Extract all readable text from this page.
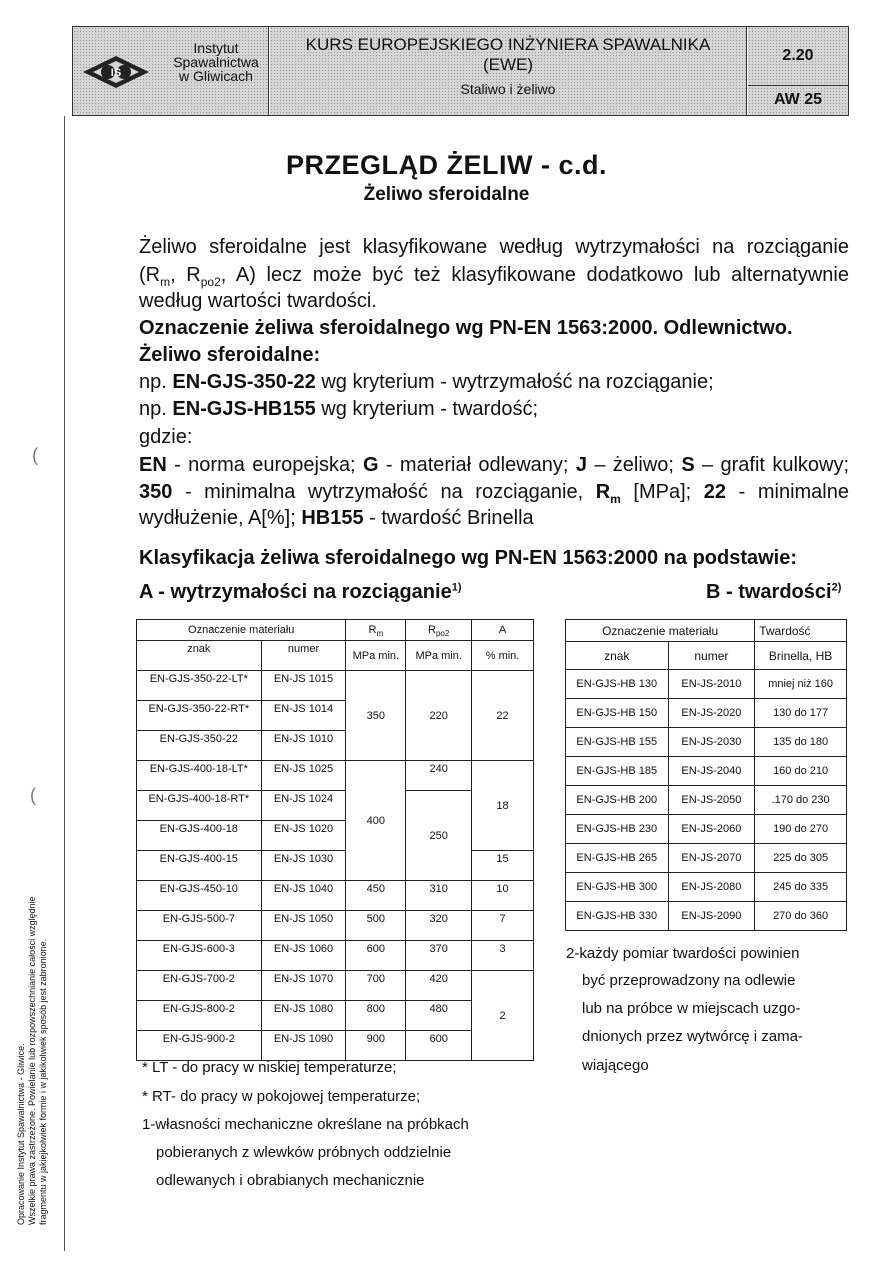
IS
Instytut
Spawalnictwa
w Gliwicach
KURS EUROPEJSKIEGO INŻYNIERA SPAWALNIKA
(EWE)
Staliwo i żeliwo
2.20
AW 25
(
(
Opracowanie Instytut Spawalnictwa - Gliwice. Wszelkie prawa zastrzeżone. Powielanie lub rozpowszechnianie całości względnie fragmentu w jakiejkolwiek formie i w jakikolwiek sposób jest zabronione.
PRZEGLĄD ŻELIW - c.d.
Żeliwo sferoidalne
Żeliwo sferoidalne jest klasyfikowane według wytrzymałości na rozciąganie
($R_m$, $R_{po2}$, A) lecz może być też klasyfikowane dodatkowo lub alternatywnie
według wartości twardości.
Oznaczenie żeliwa sferoidalnego wg PN-EN 1563:2000. Odlewnictwo.
Żeliwo sferoidalne:
np. EN-GJS-350-22 wg kryterium - wytrzymałość na rozciąganie;
np. EN-GJS-HB155 wg kryterium - twardość;
gdzie:
EN - norma europejska; G - materiał odlewany; J – żeliwo; S – grafit kulkowy;
350 - minimalna wytrzymałość na rozciąganie, $R_m$ [MPa]; 22 - minimalne
wydłużenie, A[%]; HB155 - twardość Brinella
Klasyfikacja żeliwa sferoidalnego wg PN-EN 1563:2000 na podstawie:
A - wytrzymałości na rozciąganie$^{1)}$	B - twardości$^{2)}$
Oznaczenie materiału		$R_m$	$R_{po2}$	A
znak	numer	MPa min.	MPa min.	% min.
EN-GJS-350-22-LT*	EN-JS 1015	350	220	22
EN-GJS-350-22-RT*	EN-JS 1014			
EN-GJS-350-22	EN-JS 1010			
EN-GJS-400-18-LT*	EN-JS 1025	400	240	18
EN-GJS-400-18-RT*	EN-JS 1024		250	
EN-GJS-400-18	EN-JS 1020			
EN-GJS-400-15	EN-JS 1030			15
EN-GJS-450-10	EN-JS 1040	450	310	10
EN-GJS-500-7	EN-JS 1050	500	320	7
EN-GJS-600-3	EN-JS 1060	600	370	3
EN-GJS-700-2	EN-JS 1070	700	420	2
EN-GJS-800-2	EN-JS 1080	800	480	
EN-GJS-900-2	EN-JS 1090	900	600	
Oznaczenie materiału		Twardość
znak	numer	Brinella, HB
EN-GJS-HB 130	EN-JS-2010	mniej niż 160
EN-GJS-HB 150	EN-JS-2020	130 do 177
EN-GJS-HB 155	EN-JS-2030	135 do 180
EN-GJS-HB 185	EN-JS-2040	160 do 210
EN-GJS-HB 200	EN-JS-2050	.170 do 230
EN-GJS-HB 230	EN-JS-2060	190 do 270
EN-GJS-HB 265	EN-JS-2070	225 do 305
EN-GJS-HB 300	EN-JS-2080	245 do 335
EN-GJS-HB 330	EN-JS-2090	270 do 360
* LT - do pracy w niskiej temperaturze;
* RT- do pracy w pokojowej temperaturze;
1-własności mechaniczne określane na próbkach
pobieranych z wlewków próbnych oddzielnie
odlewanych i obrabianych mechanicznie
2-każdy pomiar twardości powinien
być przeprowadzony na odlewie
lub na próbce w miejscach uzgo-
dnionych przez wytwórcę i zama-
wiającego
